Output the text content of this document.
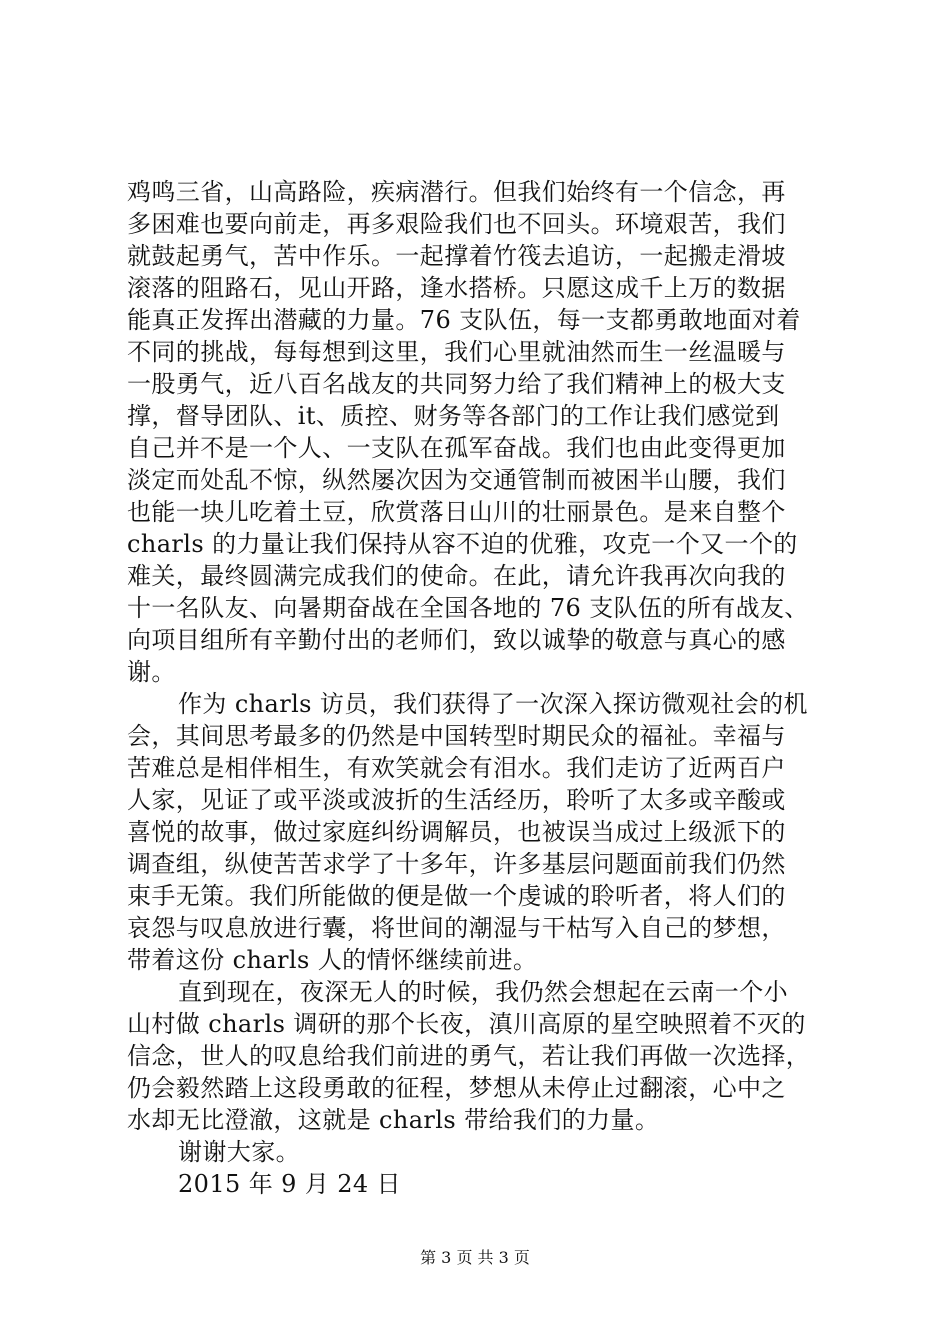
鸡鸣三省，山高路险，疾病潜行。但我们始终有一个信念，再
多困难也要向前走，再多艰险我们也不回头。环境艰苦，我们
就鼓起勇气，苦中作乐。一起撑着竹筏去追访，一起搬走滑坡
滚落的阻路石，见山开路，逢水搭桥。只愿这成千上万的数据
能真正发挥出潜藏的力量。76 支队伍，每一支都勇敢地面对着
不同的挑战，每每想到这里，我们心里就油然而生一丝温暖与
一股勇气，近八百名战友的共同努力给了我们精神上的极大支
撑，督导团队、it、质控、财务等各部门的工作让我们感觉到
自己并不是一个人、一支队在孤军奋战。我们也由此变得更加
淡定而处乱不惊，纵然屡次因为交通管制而被困半山腰，我们
也能一块儿吃着土豆，欣赏落日山川的壮丽景色。是来自整个
charls 的力量让我们保持从容不迫的优雅，攻克一个又一个的
难关，最终圆满完成我们的使命。在此，请允许我再次向我的
十一名队友、向暑期奋战在全国各地的 76 支队伍的所有战友、
向项目组所有辛勤付出的老师们，致以诚挚的敬意与真心的感
谢。
作为 charls 访员，我们获得了一次深入探访微观社会的机
会，其间思考最多的仍然是中国转型时期民众的福祉。幸福与
苦难总是相伴相生，有欢笑就会有泪水。我们走访了近两百户
人家，见证了或平淡或波折的生活经历，聆听了太多或辛酸或
喜悦的故事，做过家庭纠纷调解员，也被误当成过上级派下的
调查组，纵使苦苦求学了十多年，许多基层问题面前我们仍然
束手无策。我们所能做的便是做一个虔诚的聆听者，将人们的
哀怨与叹息放进行囊，将世间的潮湿与干枯写入自己的梦想，
带着这份 charls 人的情怀继续前进。
直到现在，夜深无人的时候，我仍然会想起在云南一个小
山村做 charls 调研的那个长夜，滇川高原的星空映照着不灭的
信念，世人的叹息给我们前进的勇气，若让我们再做一次选择，
仍会毅然踏上这段勇敢的征程，梦想从未停止过翻滚，心中之
水却无比澄澈，这就是 charls 带给我们的力量。
谢谢大家。
2015 年 9 月 24 日
第 3 页 共 3 页
